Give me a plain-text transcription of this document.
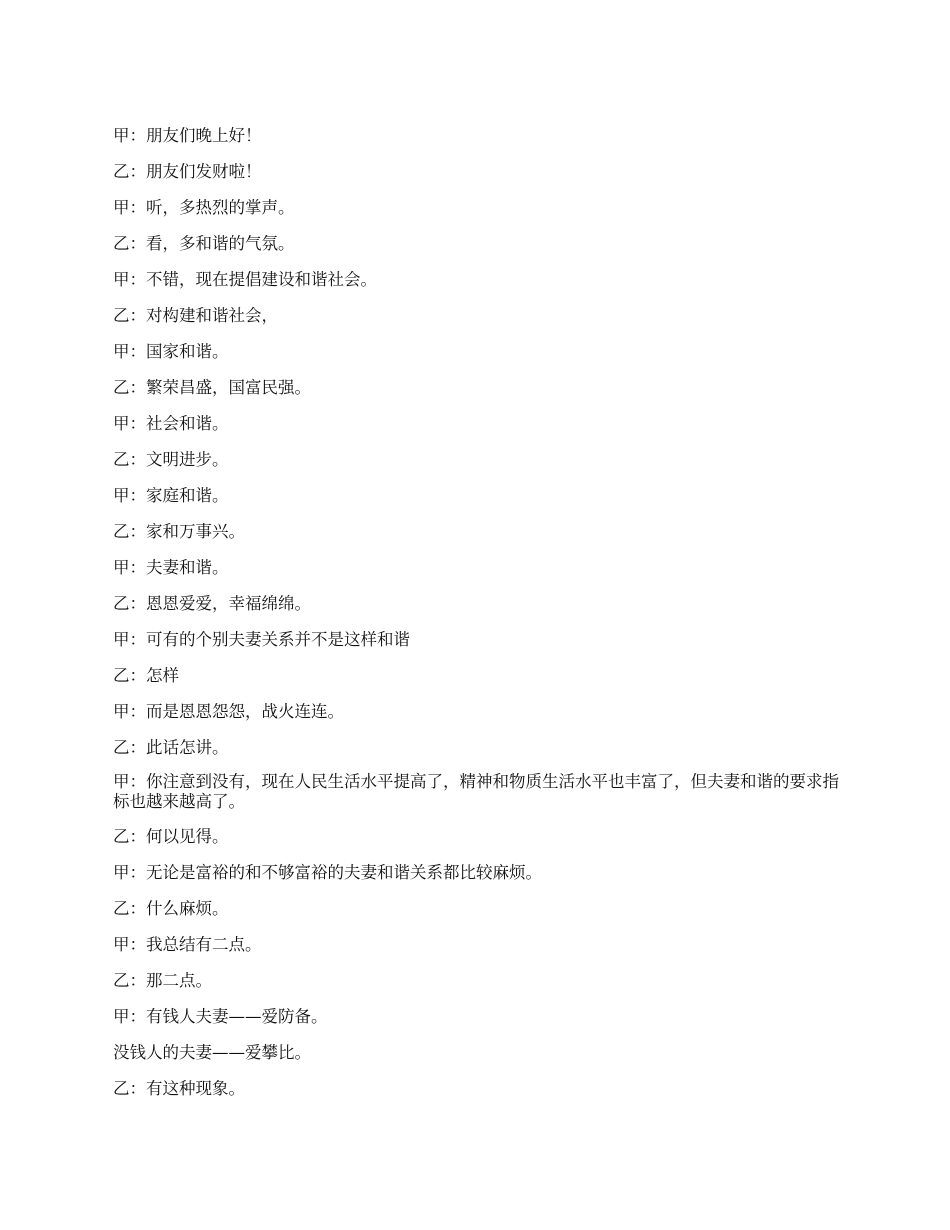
甲：朋友们晚上好！

乙：朋友们发财啦！

甲：听，多热烈的掌声。

乙：看，多和谐的气氛。

甲：不错，现在提倡建设和谐社会。

乙：对构建和谐社会，

甲：国家和谐。

乙：繁荣昌盛，国富民强。

甲：社会和谐。

乙：文明进步。

甲：家庭和谐。

乙：家和万事兴。

甲：夫妻和谐。

乙：恩恩爱爱，幸福绵绵。

甲：可有的个别夫妻关系并不是这样和谐

乙：怎样

甲：而是恩恩怨怨，战火连连。

乙：此话怎讲。

甲：你注意到没有，现在人民生活水平提高了，精神和物质生活水平也丰富了，但夫妻和谐的要求指标也越来越高了。

乙：何以见得。

甲：无论是富裕的和不够富裕的夫妻和谐关系都比较麻烦。

乙：什么麻烦。

甲：我总结有二点。

乙：那二点。

甲：有钱人夫妻——爱防备。

没钱人的夫妻——爱攀比。

乙：有这种现象。
